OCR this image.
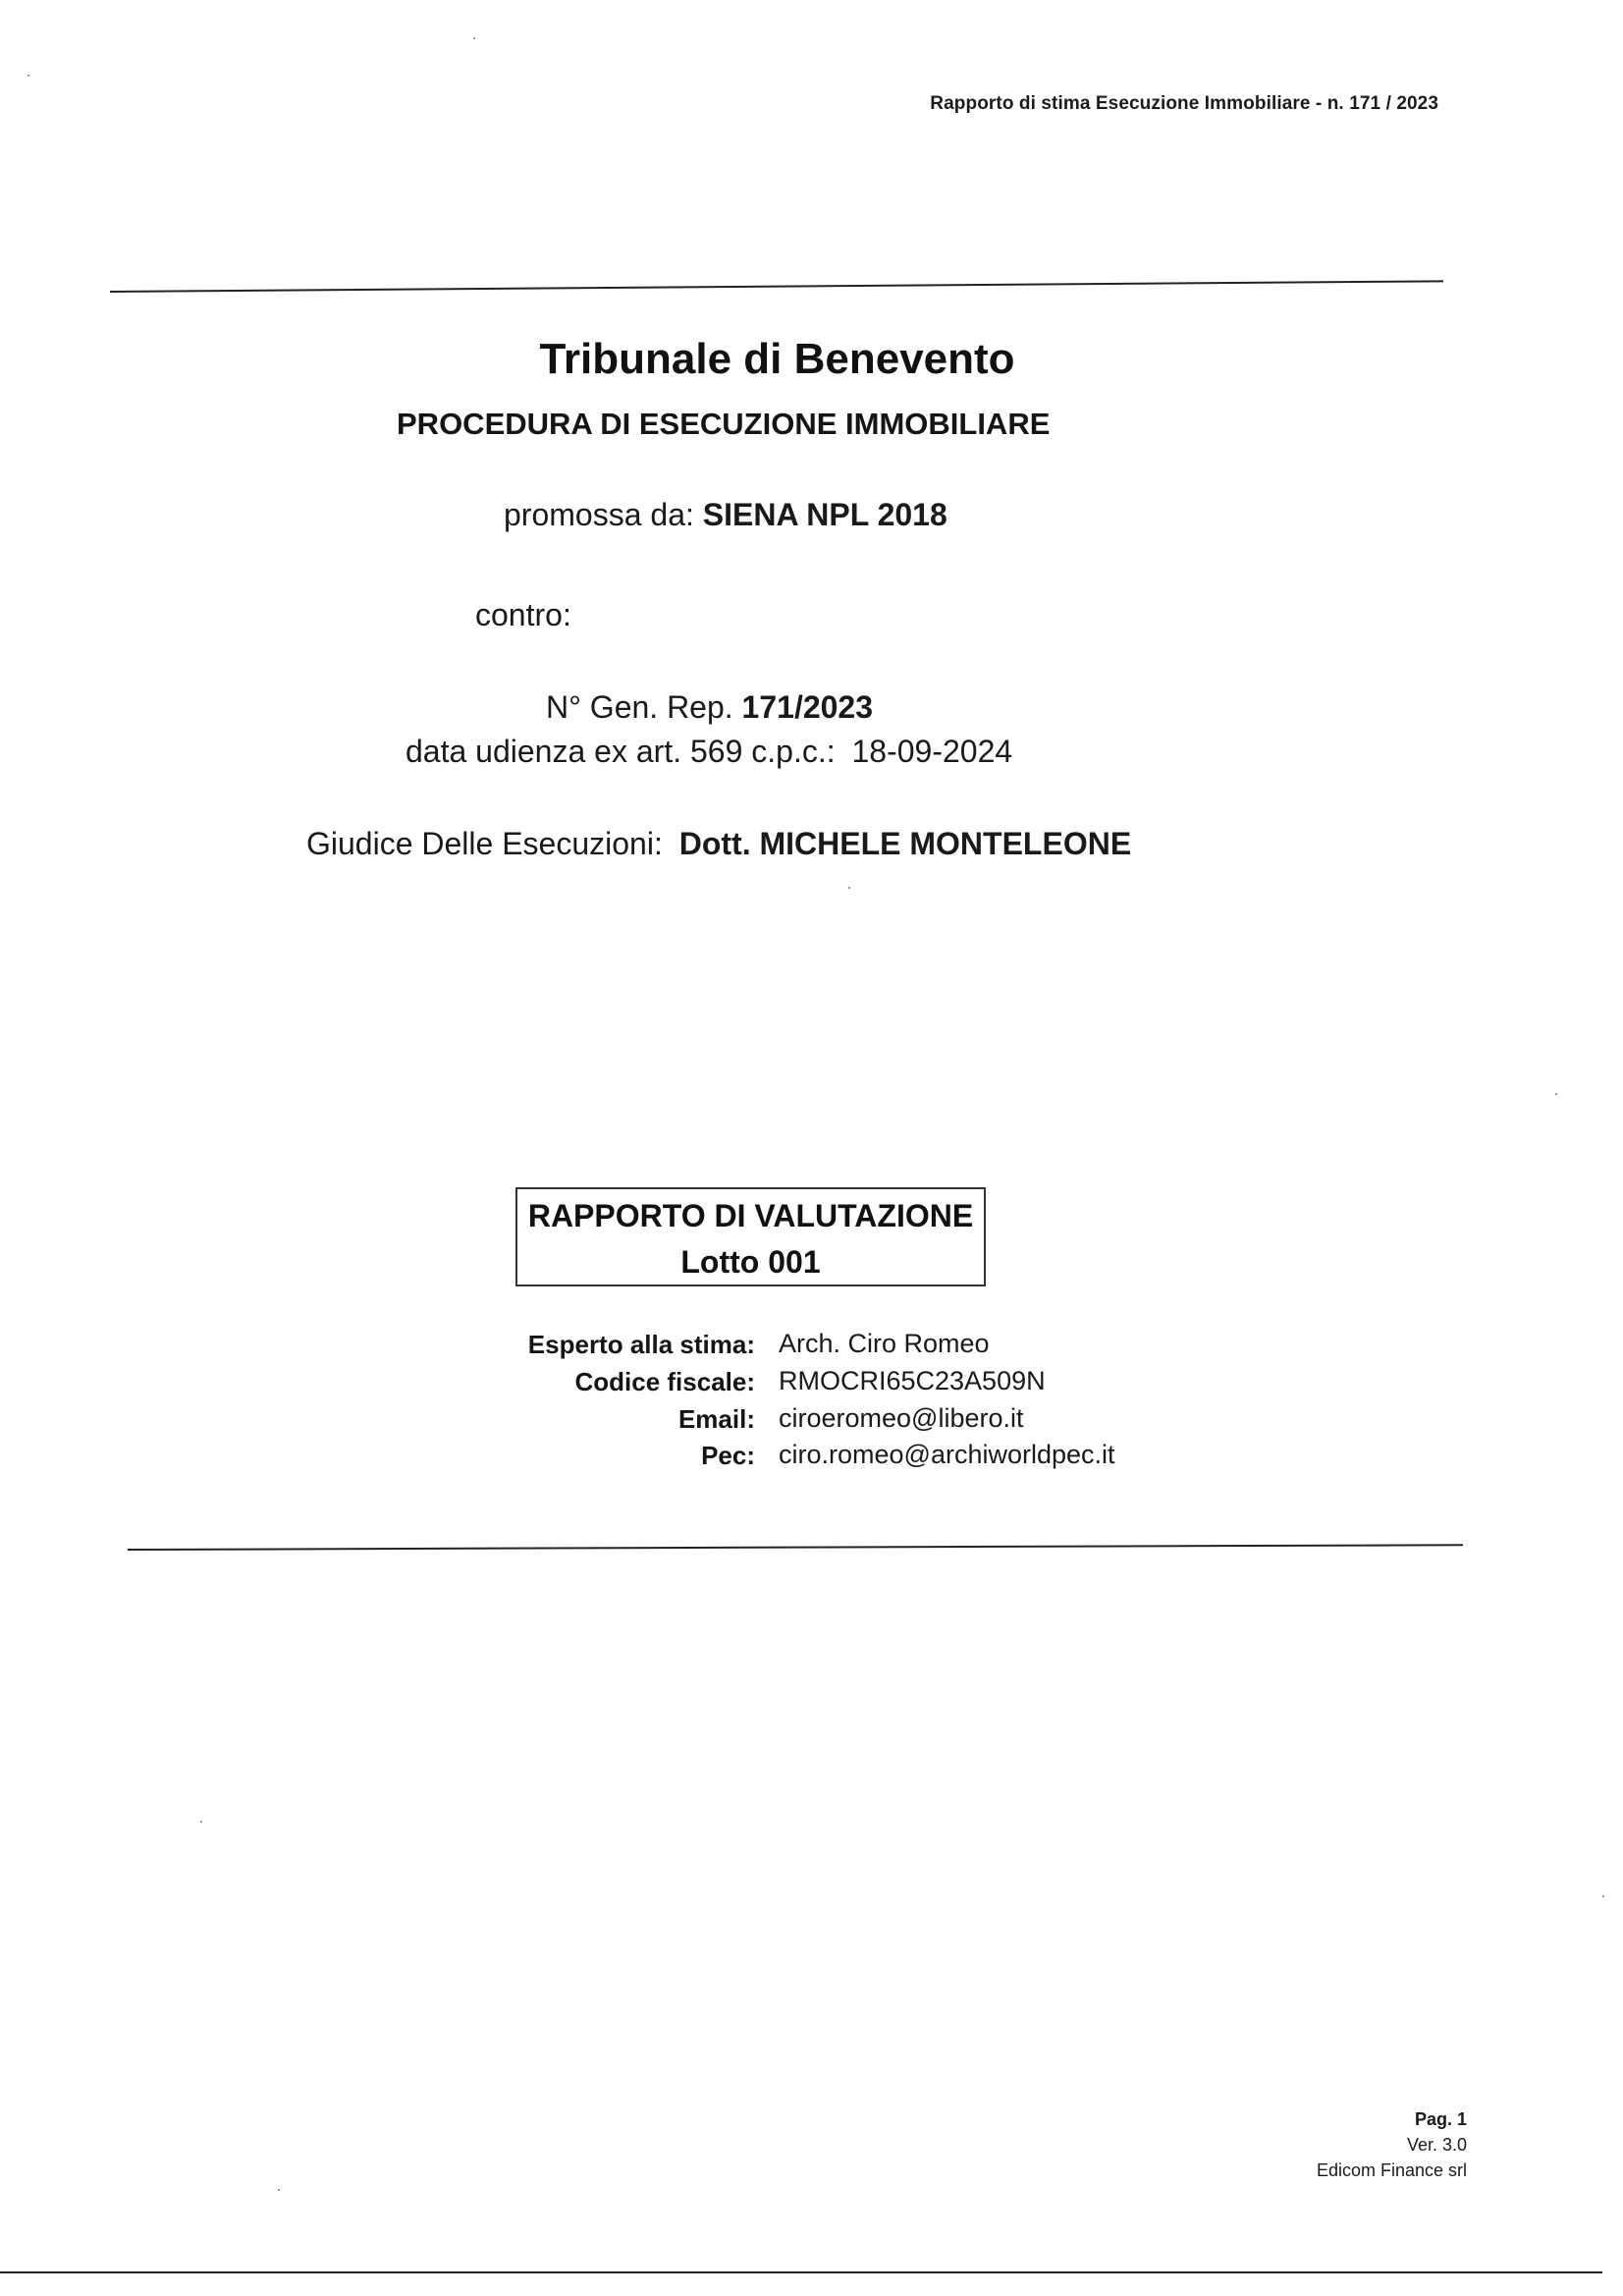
Rapporto di stima Esecuzione Immobiliare - n. 171 / 2023
Tribunale di Benevento
PROCEDURA DI ESECUZIONE IMMOBILIARE
promossa da: SIENA NPL 2018
contro:
N° Gen. Rep. 171/2023
data udienza ex art. 569 c.p.c.: 18-09-2024
Giudice Delle Esecuzioni: Dott. MICHELE MONTELEONE
RAPPORTO DI VALUTAZIONE
Lotto 001
Esperto alla stima: Arch. Ciro Romeo
Codice fiscale: RMOCRI65C23A509N
Email: ciroeromeo@libero.it
Pec: ciro.romeo@archiworldpec.it
Pag. 1
Ver. 3.0
Edicom Finance srl
